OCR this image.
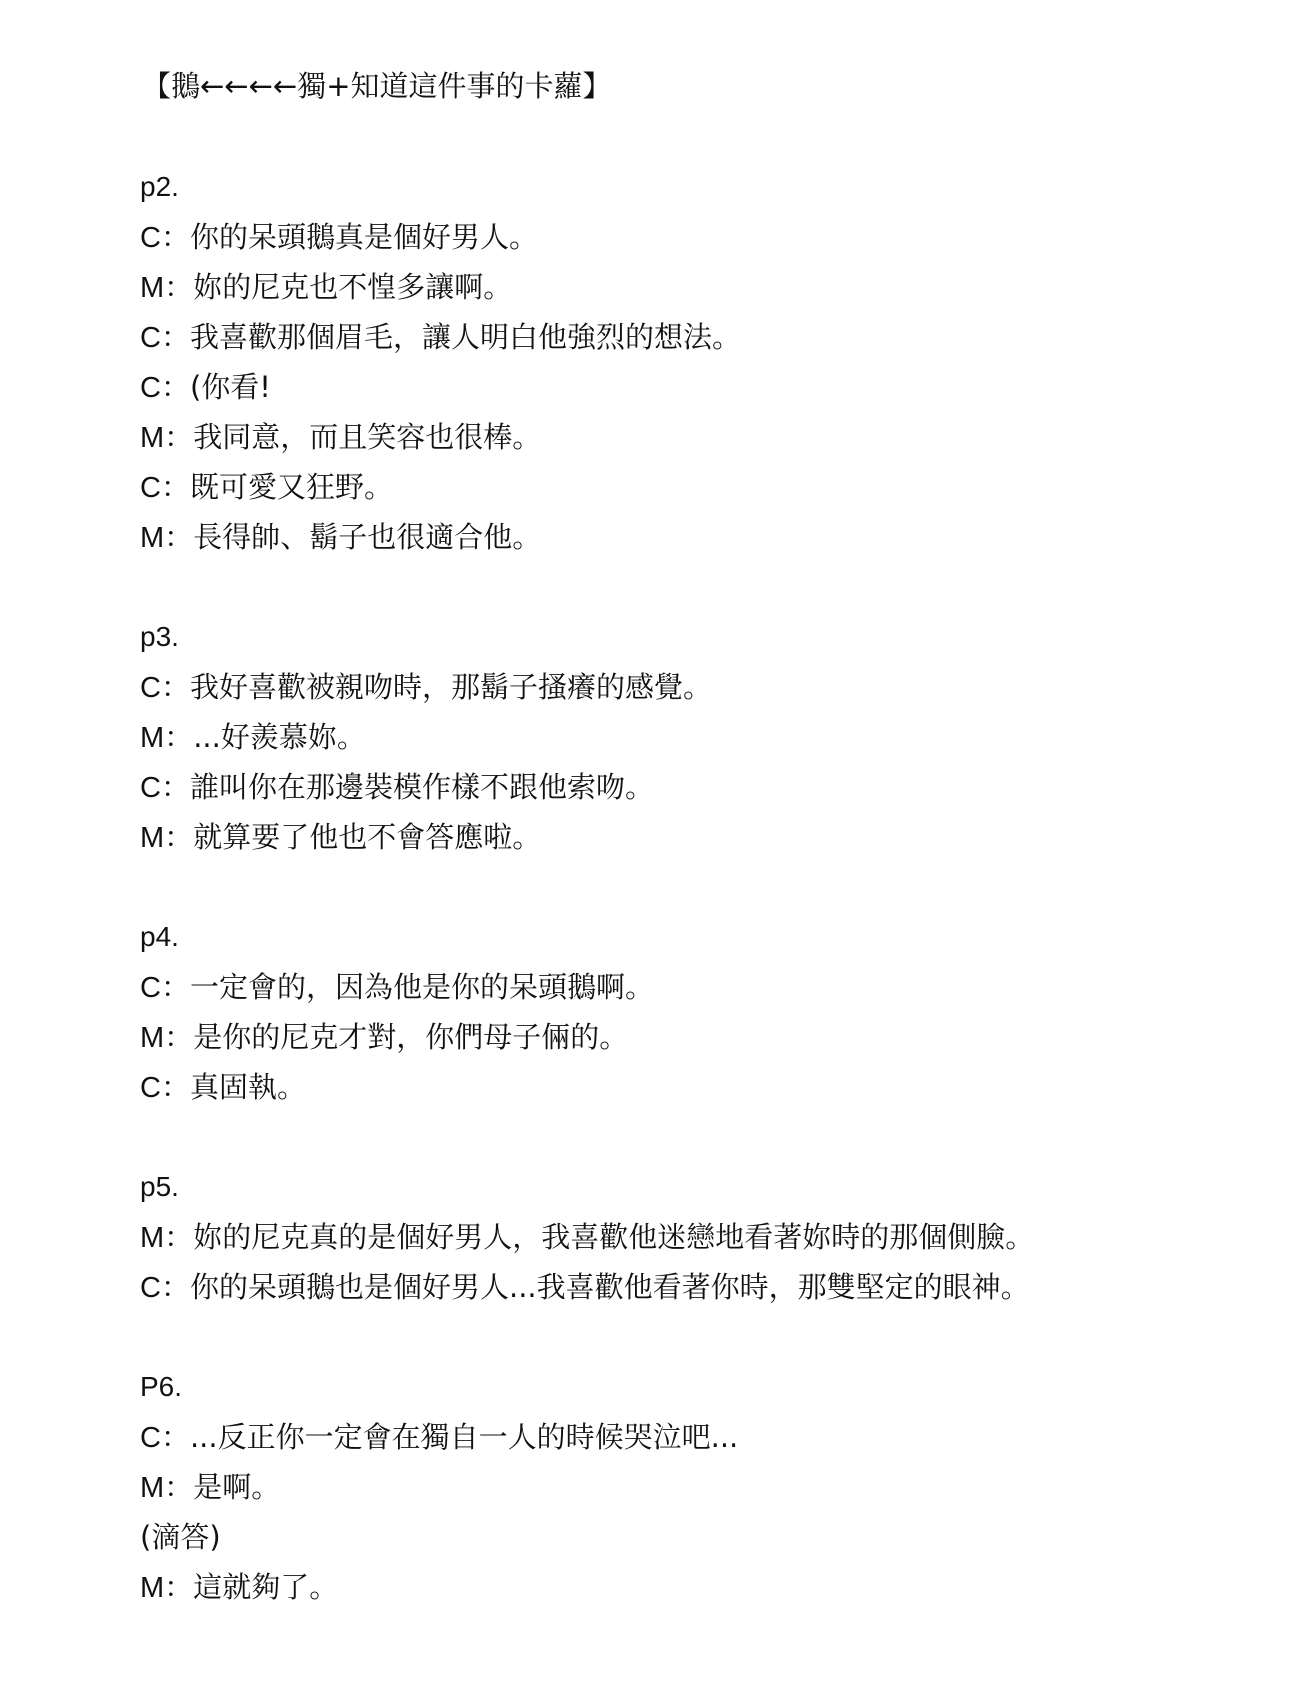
【鵝←←←←獨+知道這件事的卡蘿】
p2.
C：你的呆頭鵝真是個好男人。
M：妳的尼克也不惶多讓啊。
C：我喜歡那個眉毛，讓人明白他強烈的想法。
C：(你看!
M：我同意，而且笑容也很棒。
C：既可愛又狂野。
M：長得帥、鬍子也很適合他。
p3.
C：我好喜歡被親吻時，那鬍子搔癢的感覺。
M：...好羨慕妳。
C：誰叫你在那邊裝模作樣不跟他索吻。
M：就算要了他也不會答應啦。
p4.
C：一定會的，因為他是你的呆頭鵝啊。
M：是你的尼克才對，你們母子倆的。
C：真固執。
p5.
M：妳的尼克真的是個好男人，我喜歡他迷戀地看著妳時的那個側臉。
C：你的呆頭鵝也是個好男人...我喜歡他看著你時，那雙堅定的眼神。
P6.
C：...反正你一定會在獨自一人的時候哭泣吧...
M：是啊。
(滴答)
M：這就夠了。
